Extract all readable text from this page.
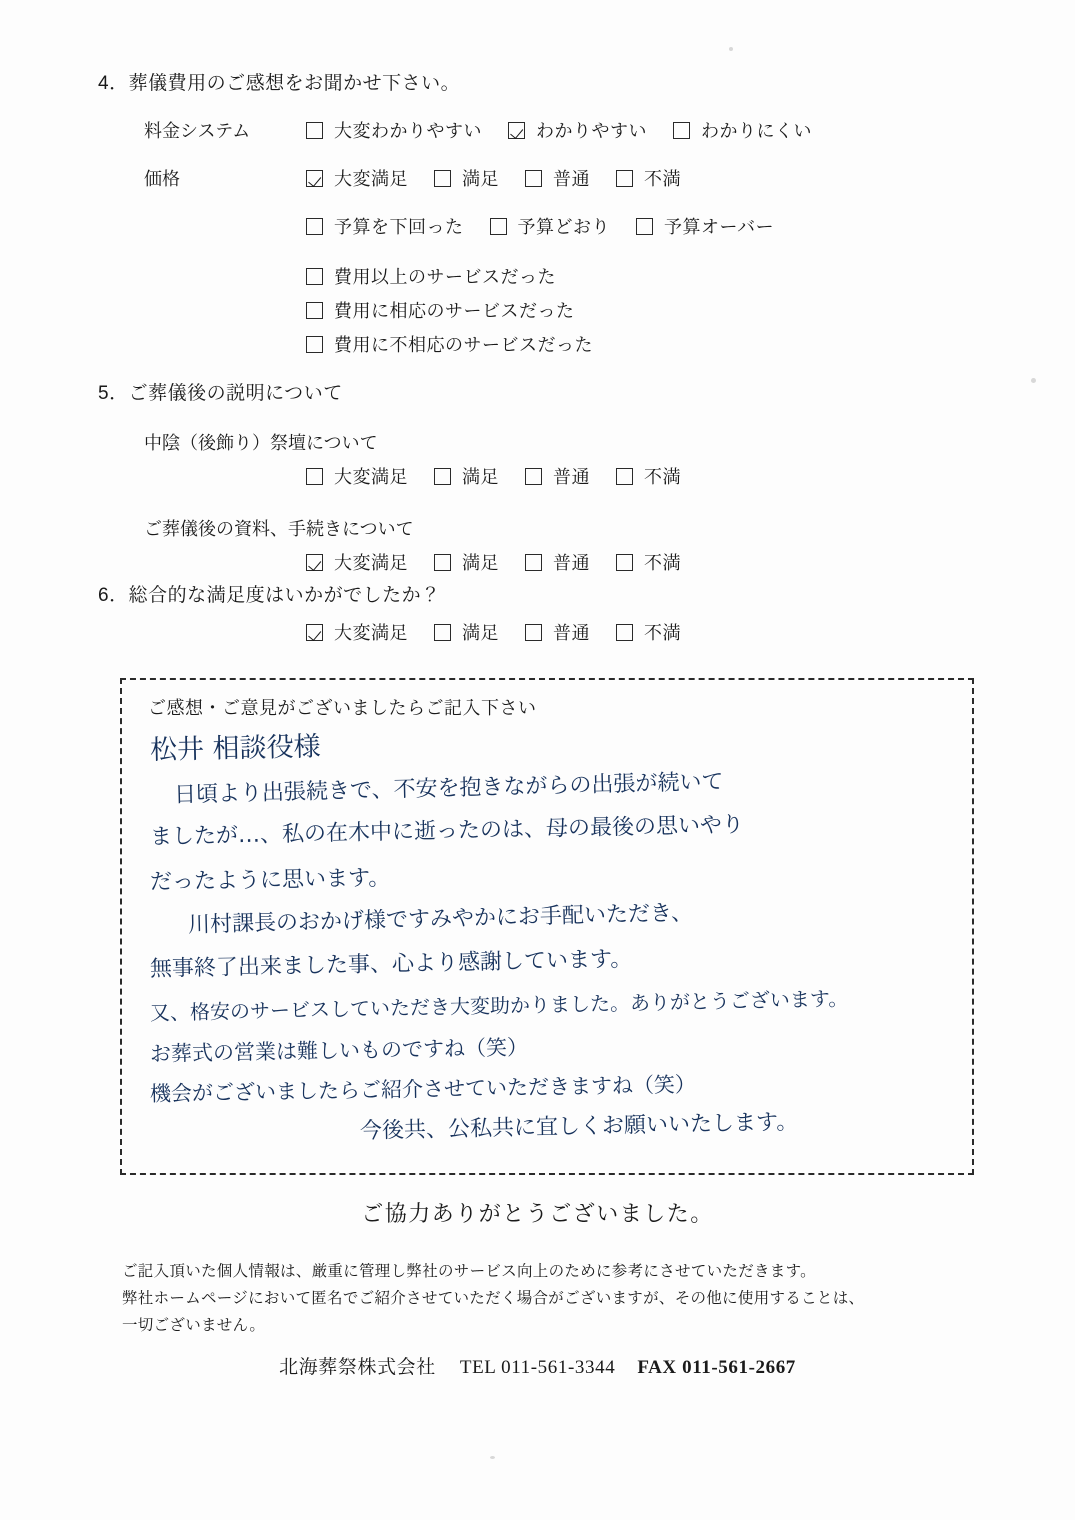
4．葬儀費用のご感想をお聞かせ下さい。
料金システム	大変わかりやすい	わかりやすい	わかりにくい
価格	大変満足	満足	普通	不満
予算を下回った	予算どおり	予算オーバー
費用以上のサービスだった
費用に相応のサービスだった
費用に不相応のサービスだった
5．ご葬儀後の説明について
中陰（後飾り）祭壇について
大変満足	満足	普通	不満
ご葬儀後の資料、手続きについて
大変満足	満足	普通	不満
6．総合的な満足度はいかがでしたか？
大変満足	満足	普通	不満
ご感想・ご意見がございましたらご記入下さい
松井 相談役様
日頃より出張続きで、不安を抱きながらの出張が続いて
ましたが…、私の在木中に逝ったのは、母の最後の思いやり
だったように思います。
川村課長のおかげ様ですみやかにお手配いただき、
無事終了出来ました事、心より感謝しています。
又、格安のサービスしていただき大変助かりました。ありがとうございます。
お葬式の営業は難しいものですね（笑）
機会がございましたらご紹介させていただきますね（笑）
今後共、公私共に宜しくお願いいたします。
ご協力ありがとうございました。
ご記入頂いた個人情報は、厳重に管理し弊社のサービス向上のために参考にさせていただきます。
弊社ホームページにおいて匿名でご紹介させていただく場合がございますが、その他に使用することは、
一切ございません。
北海葬祭株式会社 TEL 011-561-3344 FAX 011-561-2667
